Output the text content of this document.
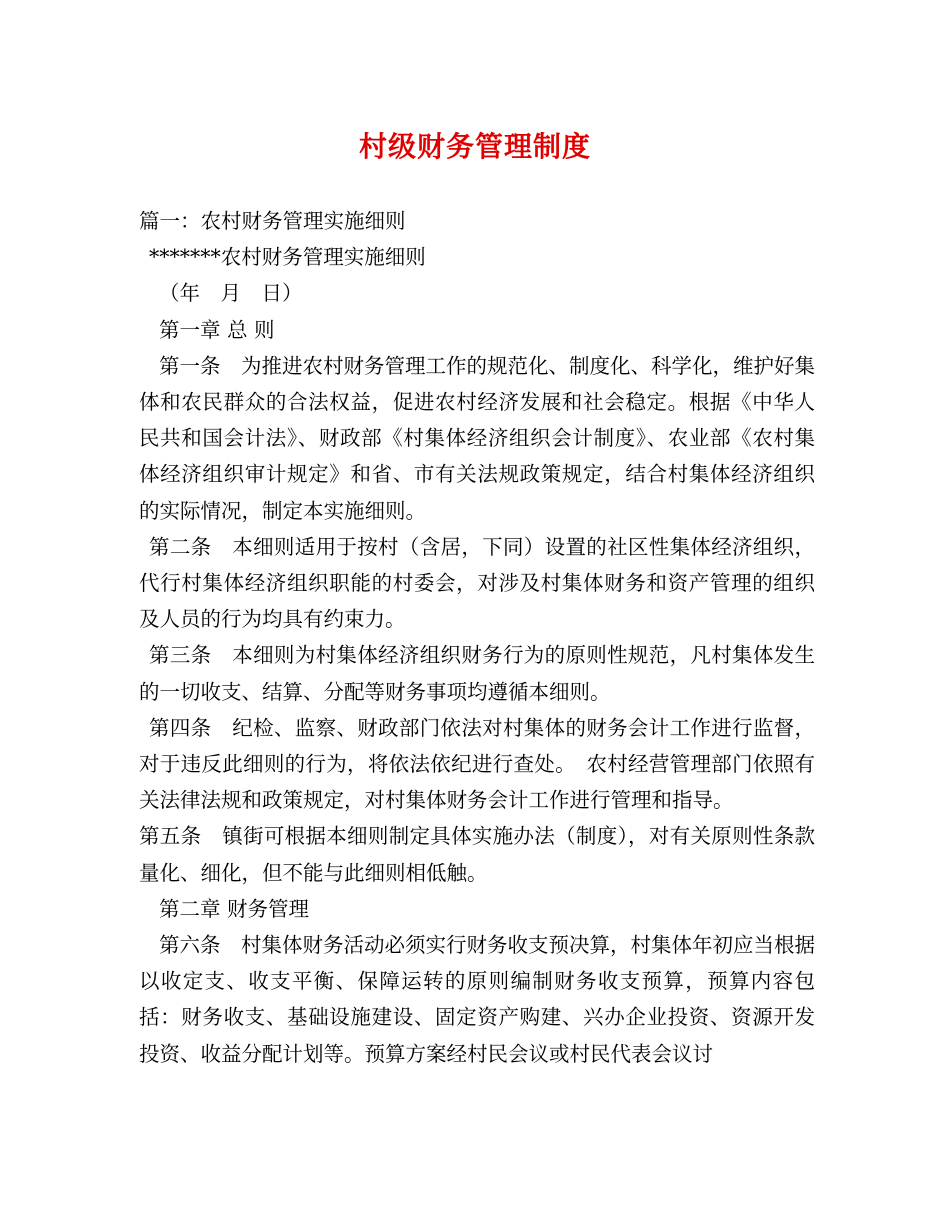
村级财务管理制度

篇一：农村财务管理实施细则

*******农村财务管理实施细则

（年　月　日）

第一章 总 则

第一条　为推进农村财务管理工作的规范化、制度化、科学化，维护好集体和农民群众的合法权益，促进农村经济发展和社会稳定。根据《中华人民共和国会计法》、财政部《村集体经济组织会计制度》、农业部《农村集体经济组织审计规定》和省、市有关法规政策规定，结合村集体经济组织的实际情况，制定本实施细则。

第二条　本细则适用于按村（含居，下同）设置的社区性集体经济组织，代行村集体经济组织职能的村委会，对涉及村集体财务和资产管理的组织及人员的行为均具有约束力。

第三条　本细则为村集体经济组织财务行为的原则性规范，凡村集体发生的一切收支、结算、分配等财务事项均遵循本细则。

第四条　纪检、监察、财政部门依法对村集体的财务会计工作进行监督，对于违反此细则的行为，将依法依纪进行查处。　农村经营管理部门依照有关法律法规和政策规定，对村集体财务会计工作进行管理和指导。

第五条　镇街可根据本细则制定具体实施办法（制度），对有关原则性条款量化、细化，但不能与此细则相低触。

第二章 财务管理

第六条　村集体财务活动必须实行财务收支预决算，村集体年初应当根据以收定支、收支平衡、保障运转的原则编制财务收支预算，预算内容包括：财务收支、基础设施建设、固定资产购建、兴办企业投资、资源开发投资、收益分配计划等。预算方案经村民会议或村民代表会议讨
